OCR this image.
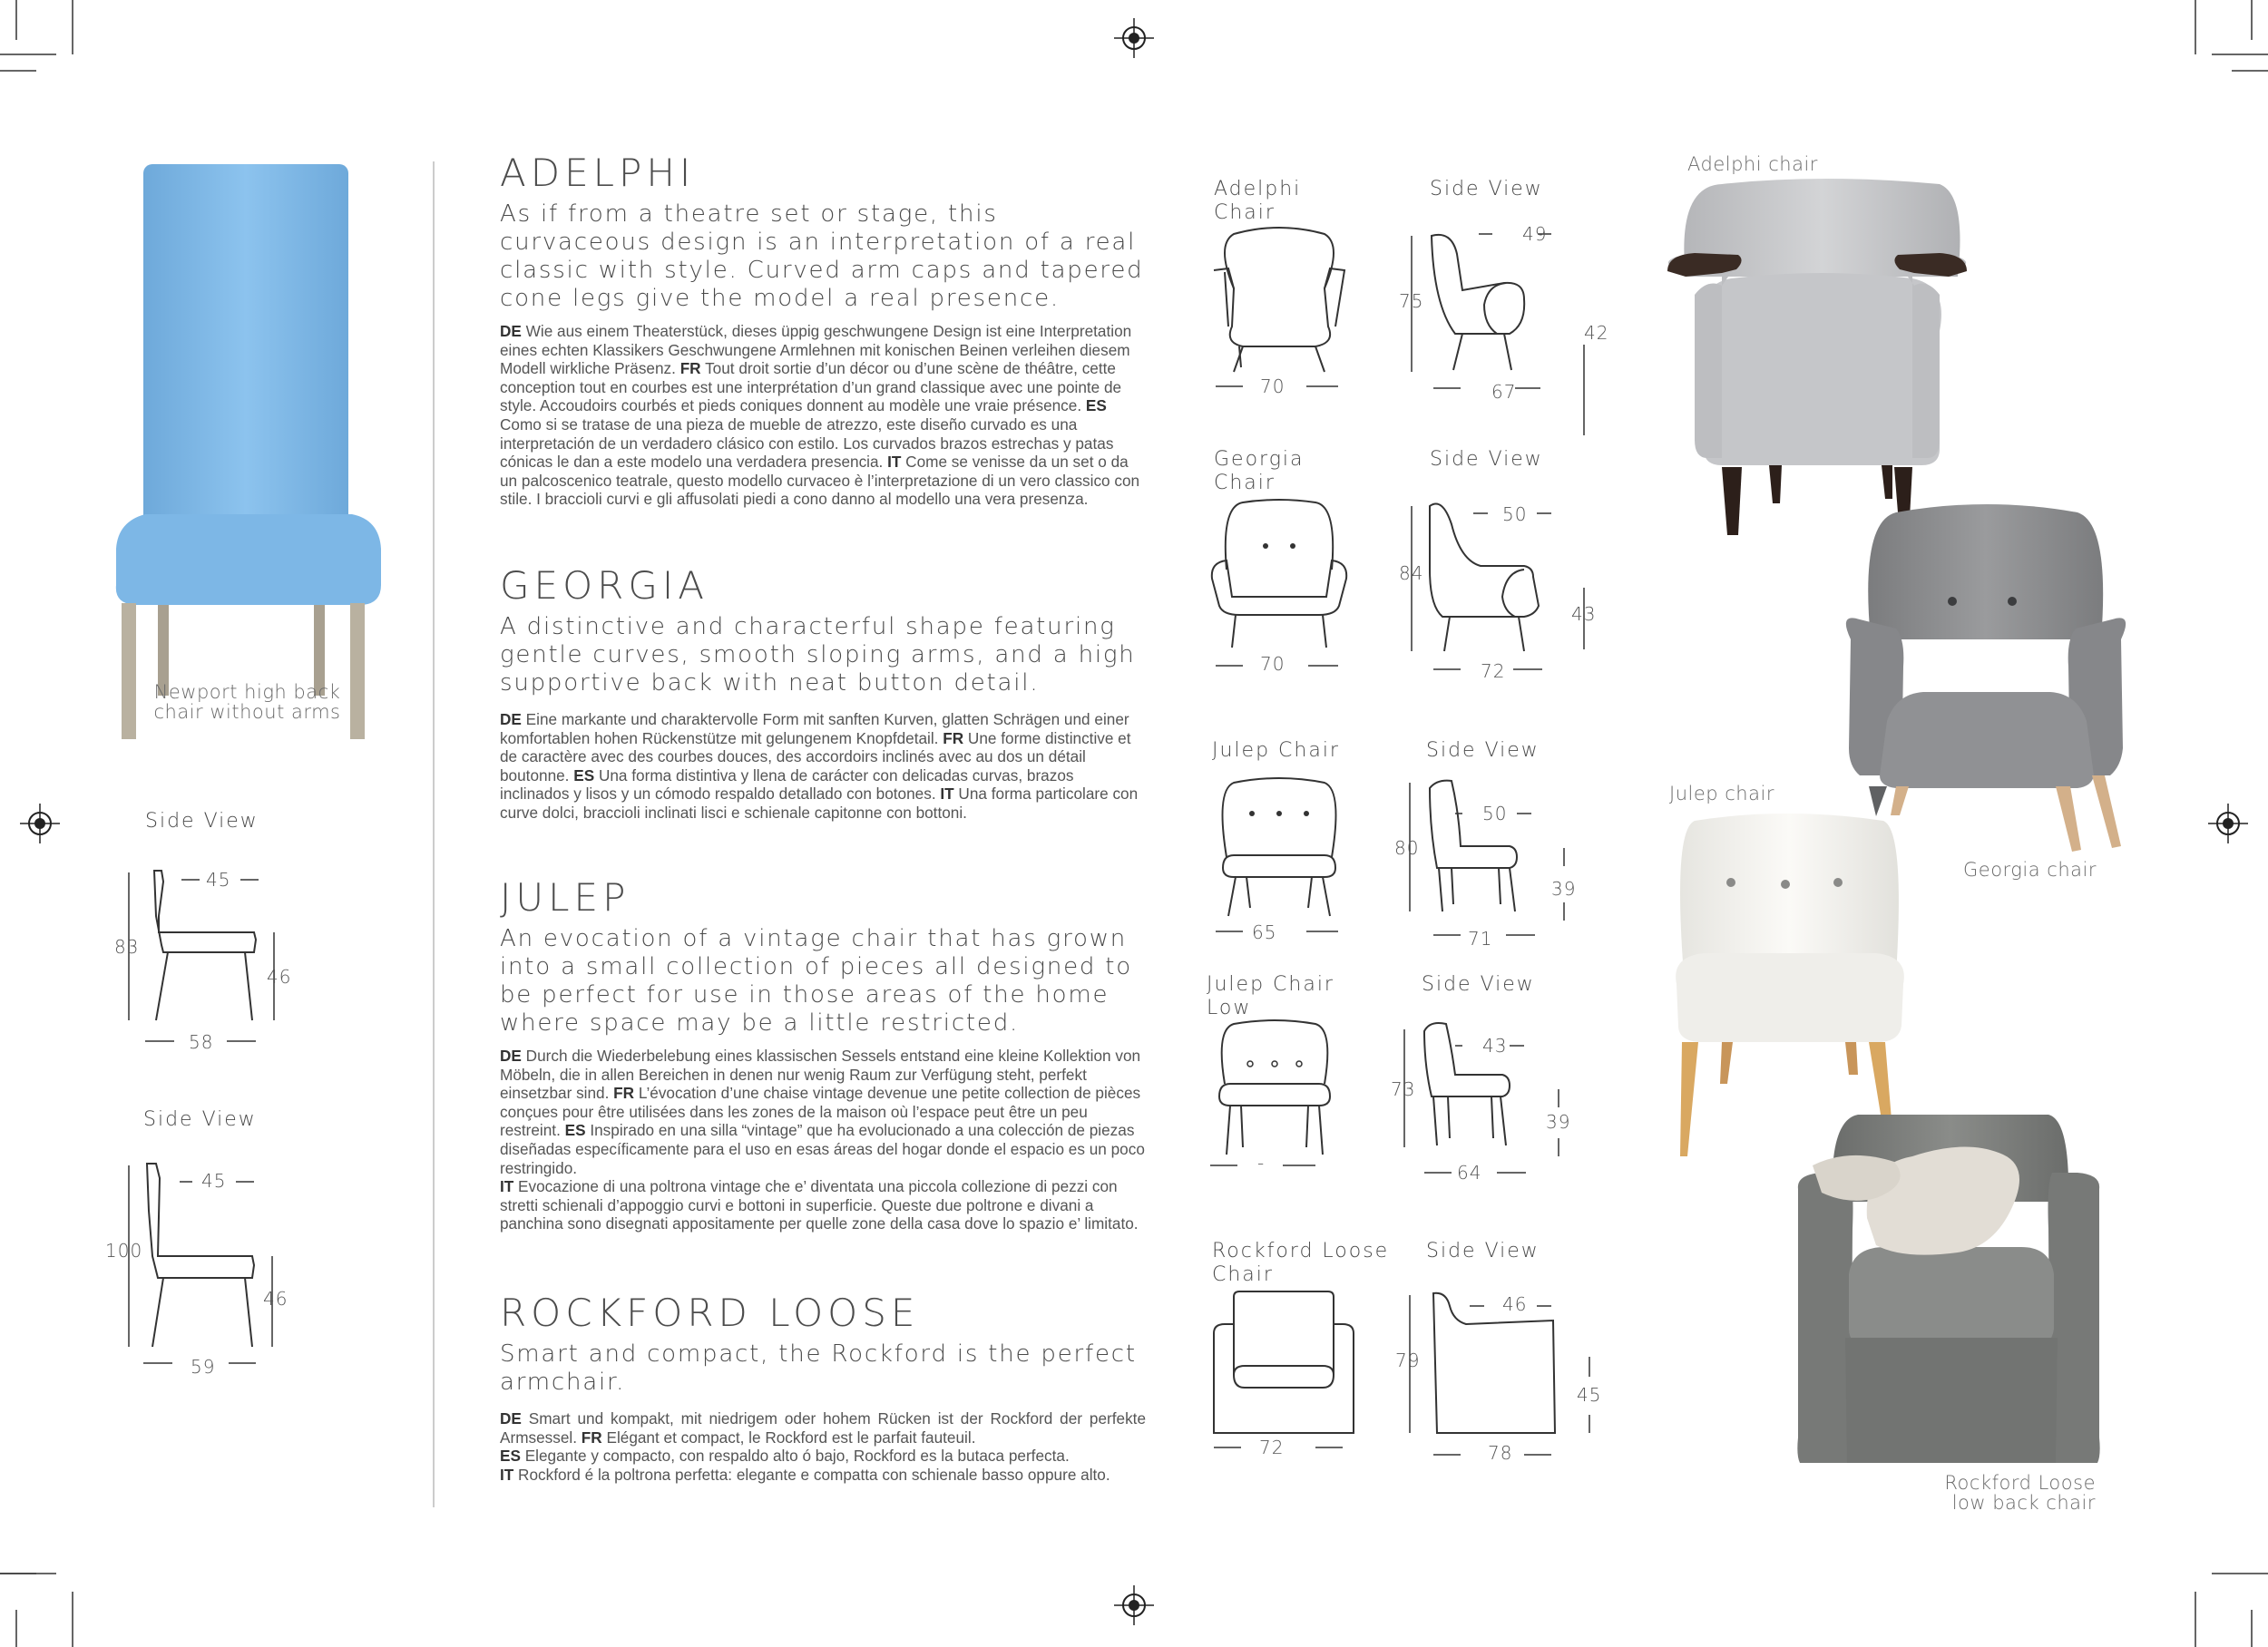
Newport high back
chair without arms
Side View
45
83
46
58
Side View
45
100
46
59
ADELPHI
As if from a theatre set or stage, this curvaceous design is an interpretation of a real classic with style. Curved arm caps and tapered cone legs give the model a real presence.
DE Wie aus einem Theaterstück, dieses üppig geschwungene Design ist eine Interpretation eines echten Klassikers Geschwungene Armlehnen mit konischen Beinen verleihen diesem Modell wirkliche Präsenz. FR Tout droit sortie d’un décor ou d’une scène de théâtre, cette conception tout en courbes est une interprétation d’un grand classique avec une pointe de style. Accoudoirs courbés et pieds coniques donnent au modèle une vraie présence. ES Como si se tratase de una pieza de mueble de atrezzo, este diseño curvado es una interpretación de un verdadero clásico con estilo. Los curvados brazos estrechas y patas cónicas le dan a este modelo una verdadera presencia. IT Come se venisse da un set o da un palcoscenico teatrale, questo modello curvaceo è l’interpretazione di un vero classico con stile. I braccioli curvi e gli affusolati piedi a cono danno al modello una vera presenza.
GEORGIA
A distinctive and characterful shape featuring gentle curves, smooth sloping arms, and a high supportive back with neat button detail.
DE Eine markante und charaktervolle Form mit sanften Kurven, glatten Schrägen und einer komfortablen hohen Rückenstütze mit gelungenem Knopfdetail. FR Une forme distinctive et de caractère avec des courbes douces, des accordoirs inclinés avec au dos un détail boutonne. ES Una forma distintiva y llena de carácter con delicadas curvas, brazos inclinados y lisos y un cómodo respaldo detallado con botones. IT Una forma particolare con curve dolci, braccioli inclinati lisci e schienale capitonne con bottoni.
JULEP
An evocation of a vintage chair that has grown into a small collection of pieces all designed to be perfect for use in those areas of the home where space may be a little restricted.
DE Durch die Wiederbelebung eines klassischen Sessels entstand eine kleine Kollektion von Möbeln, die in allen Bereichen in denen nur wenig Raum zur Verfügung steht, perfekt einsetzbar sind. FR L’évocation d’une chaise vintage devenue une petite collection de pièces conçues pour être utilisées dans les zones de la maison où l’espace peut être un peu restreint. ES Inspirado en una silla “vintage” que ha evolucionado a una colección de piezas diseñadas específicamente para el uso en esas áreas del hogar donde el espacio es un poco restringido.
IT Evocazione di una poltrona vintage che e’ diventata una piccola collezione di pezzi con stretti schienali d’appoggio curvi e bottoni in superficie. Queste due poltrone e divani a panchina sono disegnati appositamente per quelle zone della casa dove lo spazio e’ limitato.
ROCKFORD LOOSE
Smart and compact, the Rockford is the perfect armchair.
DE Smart und kompakt, mit niedrigem oder hohem Rücken ist der Rockford der perfekte Armsessel. FR Elégant et compact, le Rockford est le parfait fauteuil.
ES Elegante y compacto, con respaldo alto ó bajo, Rockford es la butaca perfecta.
IT Rockford é la poltrona perfetta: elegante e compatta con schienale basso oppure alto.
Adelphi
Chair
Side View
70
49
75
42
67
Georgia
Chair
Side View
70
50
84
43
72
Julep Chair	Side View
65
50
80
39
71
Julep Chair
Low
Side View
-
43
73
39
64
Rockford Loose
Chair
Side View
72
46
79
45
78
Adelphi chair
Georgia chair
Julep chair
Rockford Loose
low back chair
